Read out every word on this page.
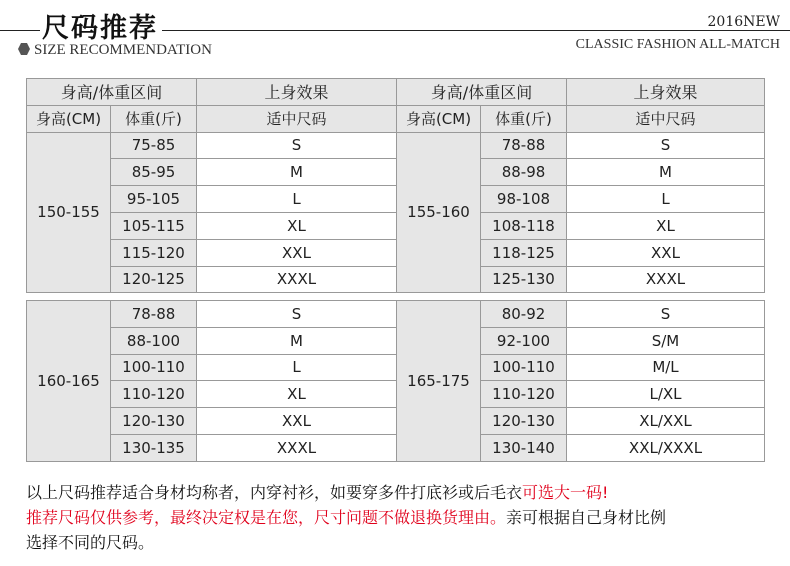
尺码推荐	2016NEW
SIZE RECOMMENDATION	CLASSIC FASHION ALL-MATCH
身高/体重区间		上身效果	身高/体重区间		上身效果
身高(CM)	体重(斤)	适中尺码	身高(CM)	体重(斤)	适中尺码
150-155	75-85	S	155-160	78-88	S
	85-95	M		88-98	M
	95-105	L		98-108	L
	105-115	XL		108-118	XL
	115-120	XXL		118-125	XXL
	120-125	XXXL		125-130	XXXL
160-165	78-88	S	165-175	80-92	S
	88-100	M		92-100	S/M
	100-110	L		100-110	M/L
	110-120	XL		110-120	L/XL
	120-130	XXL		120-130	XL/XXL
	130-135	XXXL		130-140	XXL/XXXL
以上尺码推荐适合身材均称者，内穿衬衫，如要穿多件打底衫或后毛衣可选大一码!
推荐尺码仅供参考，最终决定权是在您，尺寸问题不做退换货理由。亲可根据自己身材比例
选择不同的尺码。
